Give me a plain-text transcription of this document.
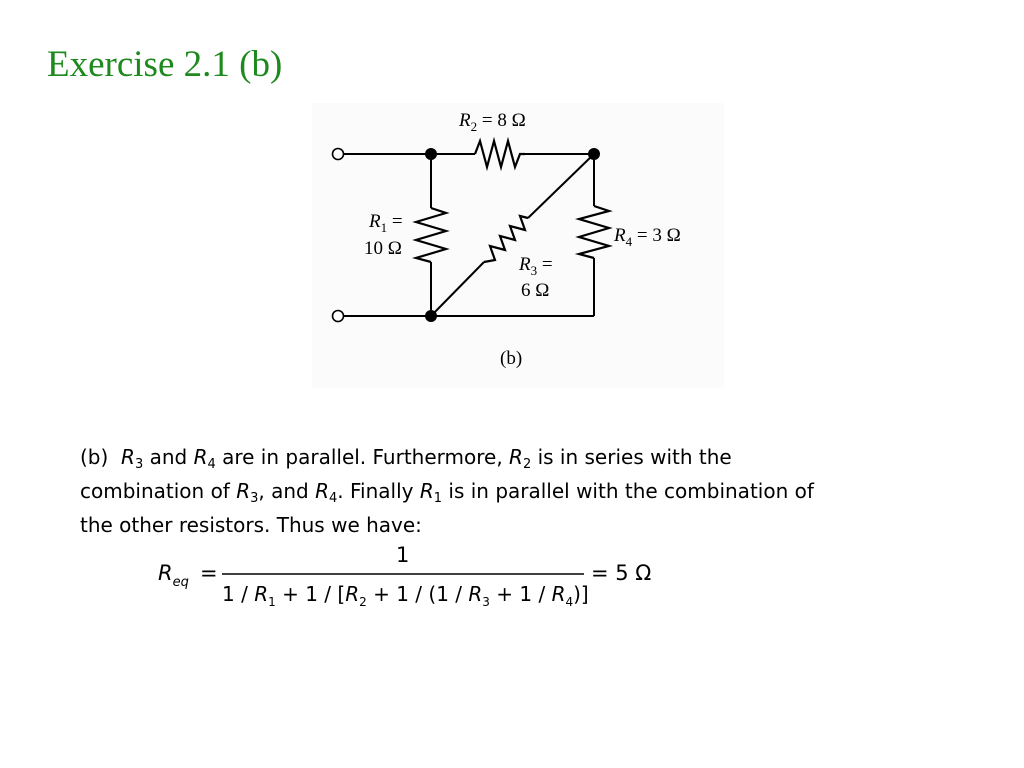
Exercise 2.1 (b)
$R_2 = 8$ Ω
$R_1$ =
10 Ω
$R_4 = 3$ Ω
$R_3$ =
6 Ω
(b)
(b) $R_3$ and $R_4$ are in parallel. Furthermore, $R_2$ is in series with the
combination of $R_3$, and $R_4$. Finally $R_1$ is in parallel with the combination of
the other resistors. Thus we have:
$R_{eq}$ =
1
$1 / R_1 + 1 / [R_2 + 1 / (1 / R_3 + 1 / R_4)]$
= 5 Ω
